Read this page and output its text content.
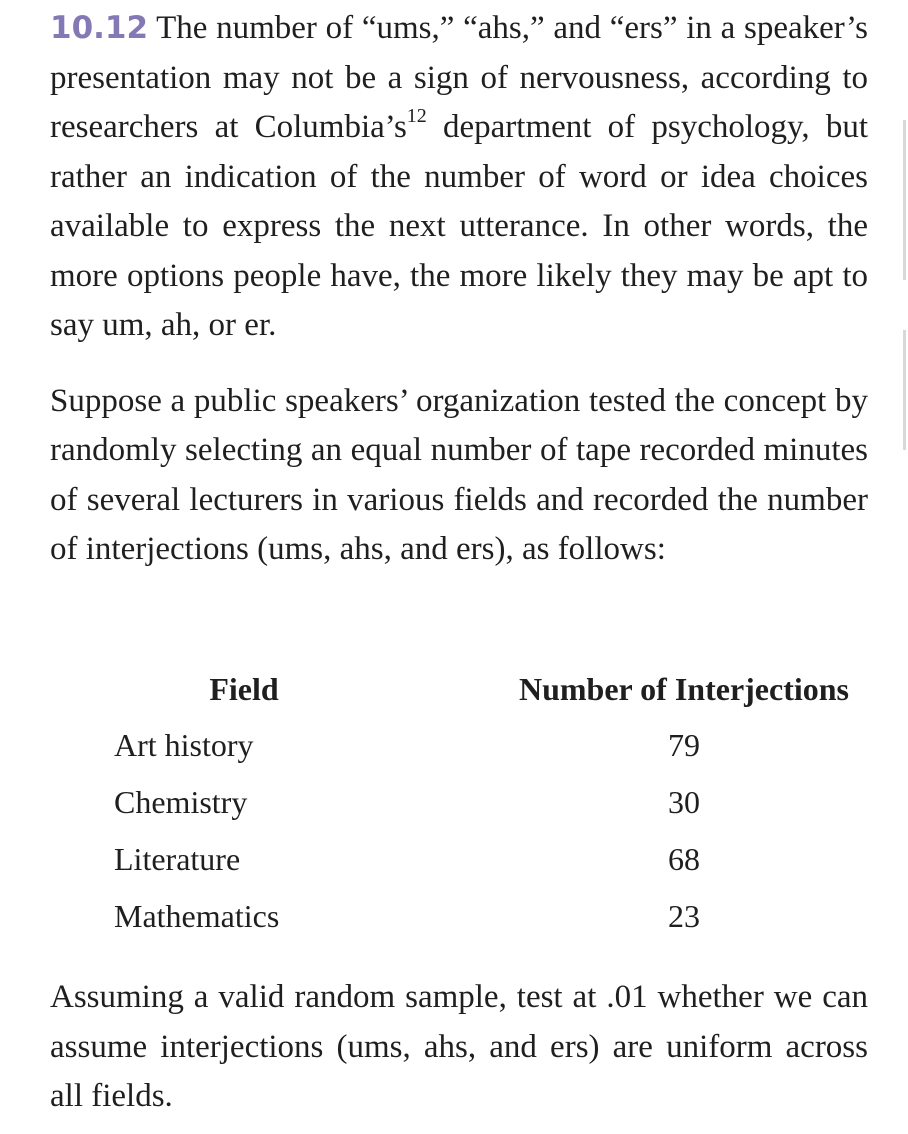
10.12 The number of “ums,” “ahs,” and “ers” in a speaker’s presentation may not be a sign of nervousness, according to researchers at $Columbia’s^{12}$ department of psychology, but rather an indication of the number of word or idea choices available to express the next utterance. In other words, the more options people have, the more likely they may be apt to say um, ah, or er.

Suppose a public speakers’ organization tested the concept by randomly selecting an equal number of tape recorded minutes of several lecturers in various fields and recorded the number of interjections (ums, ahs, and ers), as follows:

Field	Number of Interjections
Art history	79
Chemistry	30
Literature	68
Mathematics	23

Assuming a valid random sample, test at .01 whether we can assume interjections (ums, ahs, and ers) are uniform across all fields.
